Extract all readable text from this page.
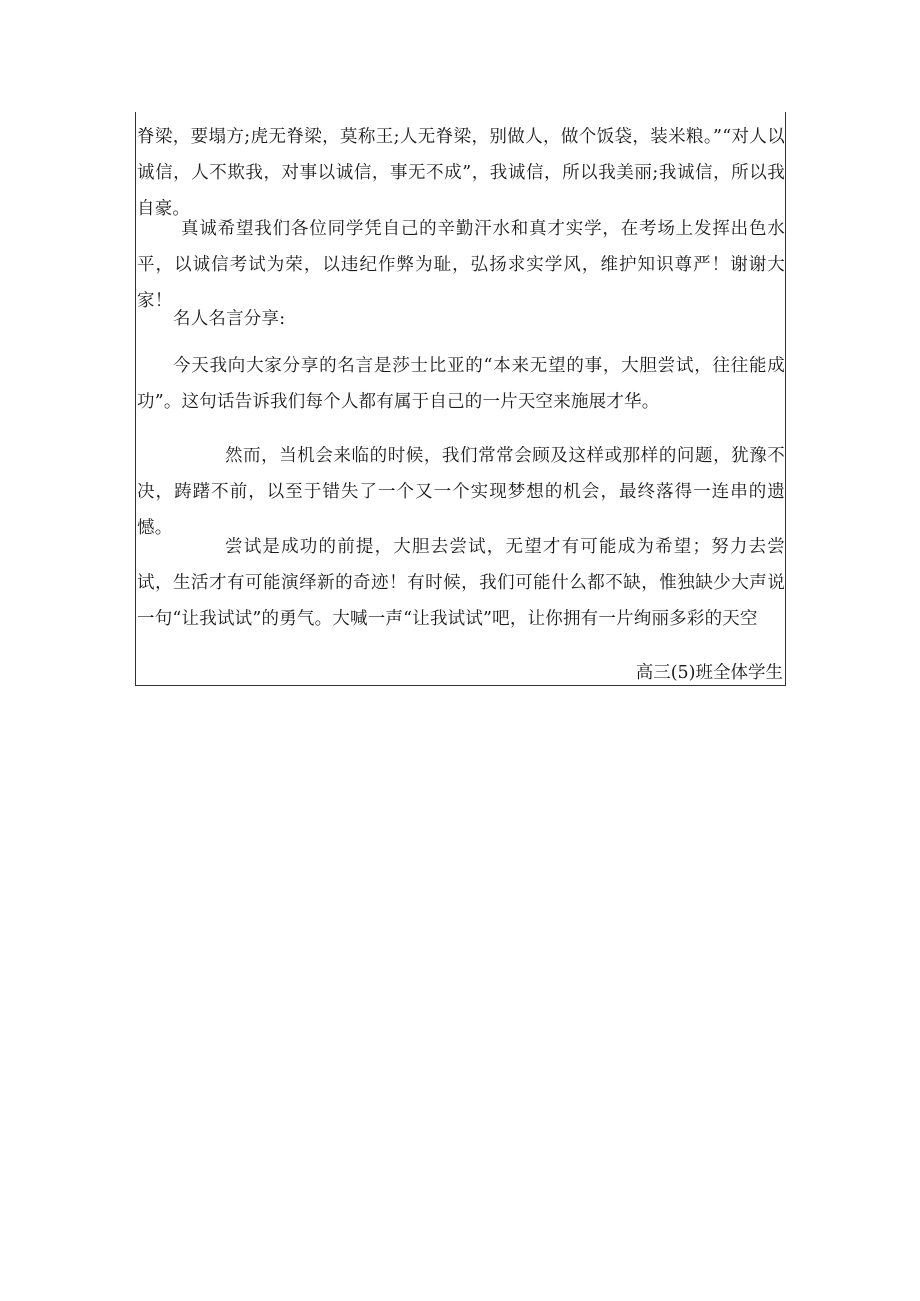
脊梁，要塌方;虎无脊梁，莫称王;人无脊梁，别做人，做个饭袋，装米粮。”“对人以诚信，人不欺我，对事以诚信，事无不成”，我诚信，所以我美丽;我诚信，所以我自豪。

真诚希望我们各位同学凭自己的辛勤汗水和真才实学，在考场上发挥出色水平，以诚信考试为荣，以违纪作弊为耻，弘扬求实学风，维护知识尊严！谢谢大家！

名人名言分享:

今天我向大家分享的名言是莎士比亚的“本来无望的事，大胆尝试，往往能成功”。这句话告诉我们每个人都有属于自己的一片天空来施展才华。

然而，当机会来临的时候，我们常常会顾及这样或那样的问题，犹豫不决，踌躇不前，以至于错失了一个又一个实现梦想的机会，最终落得一连串的遗憾。

尝试是成功的前提，大胆去尝试，无望才有可能成为希望；努力去尝试，生活才有可能演绎新的奇迹！有时候，我们可能什么都不缺，惟独缺少大声说一句“让我试试”的勇气。大喊一声“让我试试”吧，让你拥有一片绚丽多彩的天空

高三(5)班全体学生
